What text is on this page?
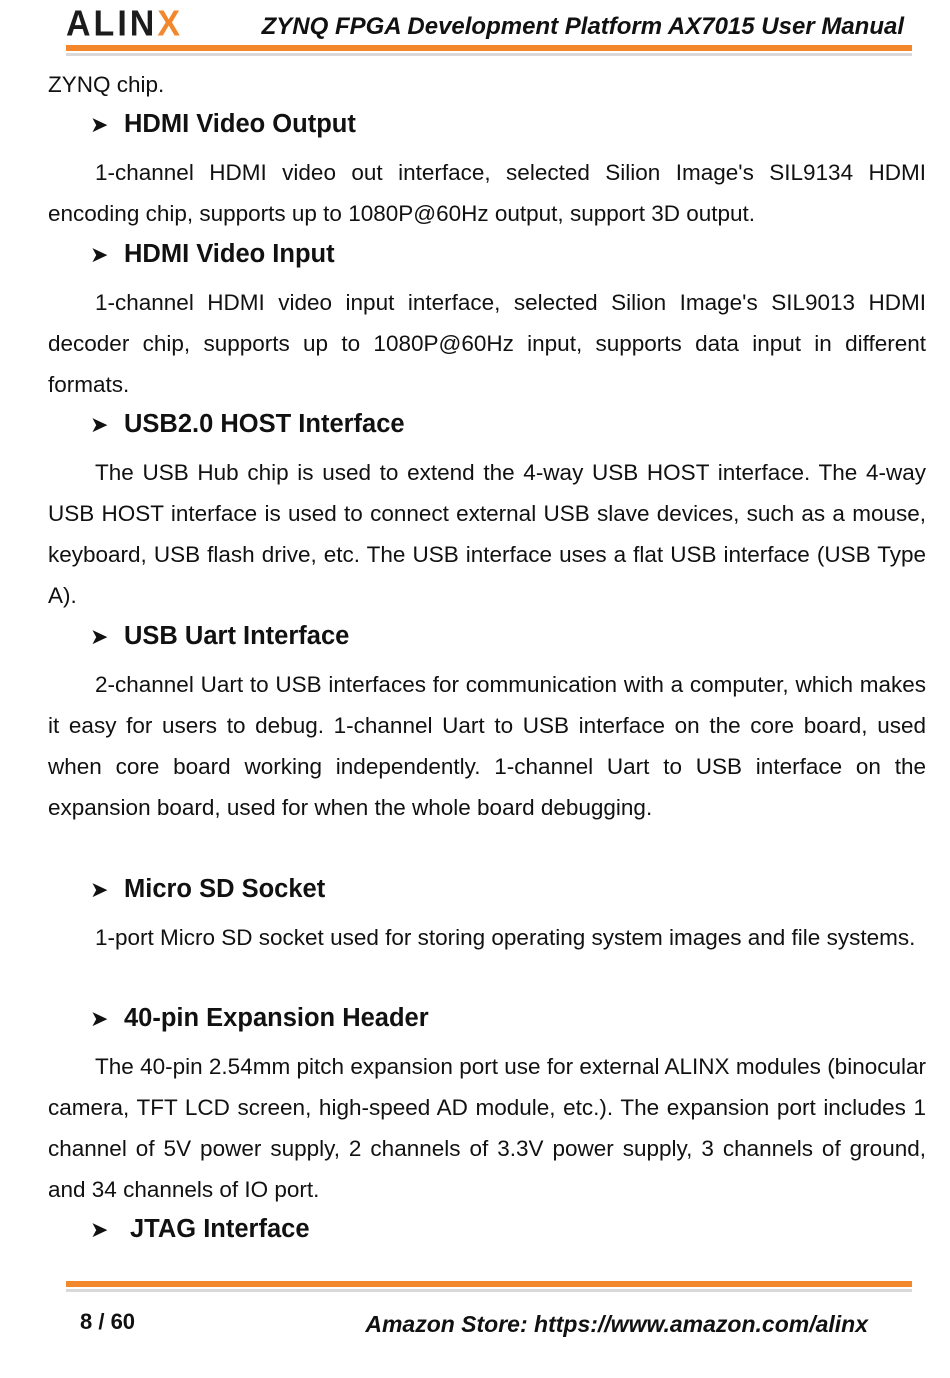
ALIN X	ZYNQ FPGA Development Platform AX7015 User Manual

ZYNQ chip.

➤ HDMI Video Output

1-channel HDMI video out interface, selected Silion Image's SIL9134 HDMI encoding chip, supports up to 1080P@60Hz output, support 3D output.

➤ HDMI Video Input

1-channel HDMI video input interface, selected Silion Image's SIL9013 HDMI decoder chip, supports up to 1080P@60Hz input, supports data input in different formats.

➤ USB2.0 HOST Interface

The USB Hub chip is used to extend the 4-way USB HOST interface. The 4-way USB HOST interface is used to connect external USB slave devices, such as a mouse, keyboard, USB flash drive, etc. The USB interface uses a flat USB interface (USB Type A).

➤ USB Uart Interface

2-channel Uart to USB interfaces for communication with a computer, which makes it easy for users to debug. 1-channel Uart to USB interface on the core board, used when core board working independently. 1-channel Uart to USB interface on the expansion board, used for when the whole board debugging.

➤ Micro SD Socket

1-port Micro SD socket used for storing operating system images and file systems.

➤ 40-pin Expansion Header

The 40-pin 2.54mm pitch expansion port use for external ALINX modules (binocular camera, TFT LCD screen, high-speed AD module, etc.). The expansion port includes 1 channel of 5V power supply, 2 channels of 3.3V power supply, 3 channels of ground, and 34 channels of IO port.

➤ JTAG Interface
8 / 60	Amazon Store: https://www.amazon.com/alinx
